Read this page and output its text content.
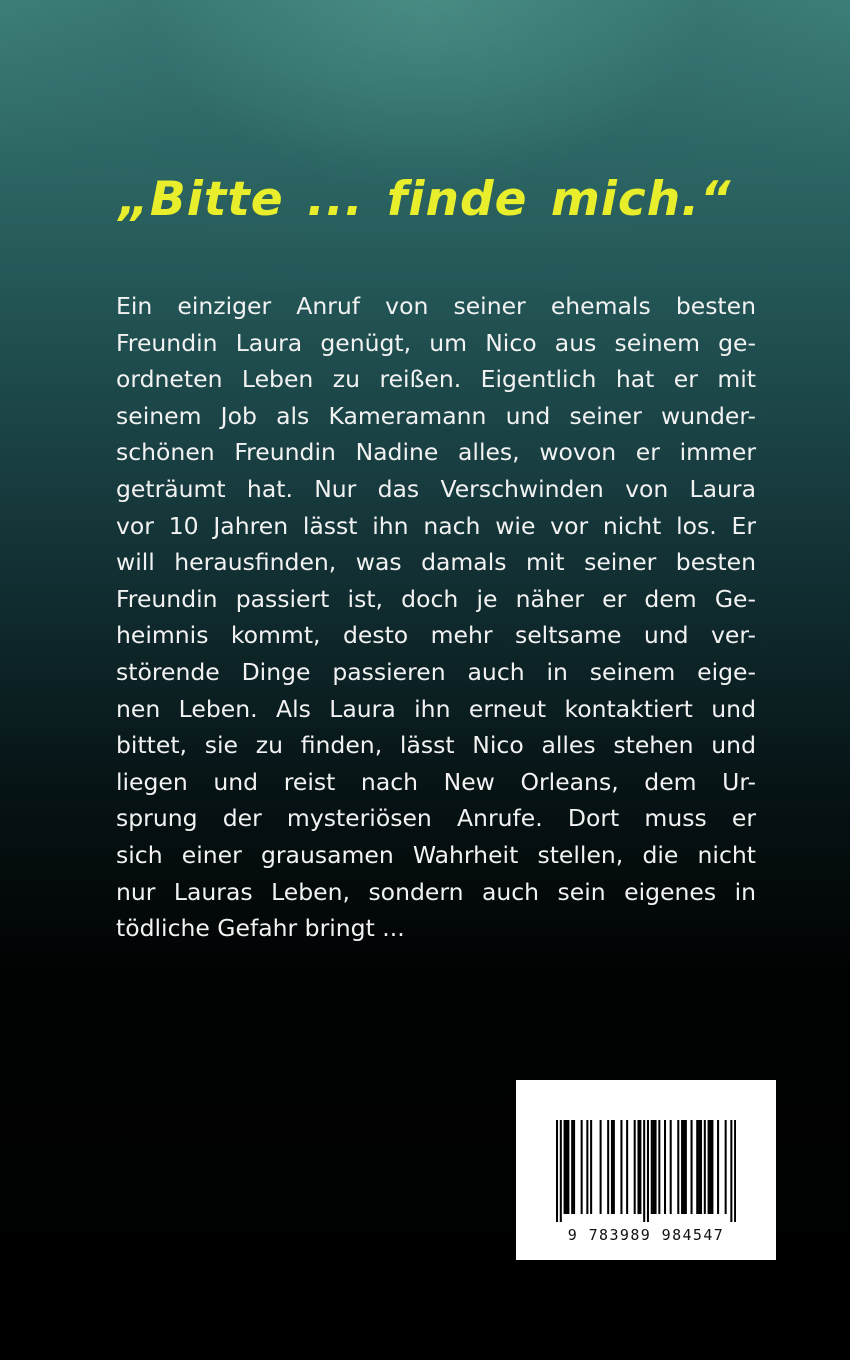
„Bitte ... finde mich.“

Ein einziger Anruf von seiner ehemals besten
Freundin Laura genügt, um Nico aus seinem ge-
ordneten Leben zu reißen. Eigentlich hat er mit
seinem Job als Kameramann und seiner wunder-
schönen Freundin Nadine alles, wovon er immer
geträumt hat. Nur das Verschwinden von Laura
vor 10 Jahren lässt ihn nach wie vor nicht los. Er
will herausfinden, was damals mit seiner besten
Freundin passiert ist, doch je näher er dem Ge-
heimnis kommt, desto mehr seltsame und ver-
störende Dinge passieren auch in seinem eige-
nen Leben. Als Laura ihn erneut kontaktiert und
bittet, sie zu finden, lässt Nico alles stehen und
liegen und reist nach New Orleans, dem Ur-
sprung der mysteriösen Anrufe. Dort muss er
sich einer grausamen Wahrheit stellen, die nicht
nur Lauras Leben, sondern auch sein eigenes in
tödliche Gefahr bringt ...

9 783989 984547
